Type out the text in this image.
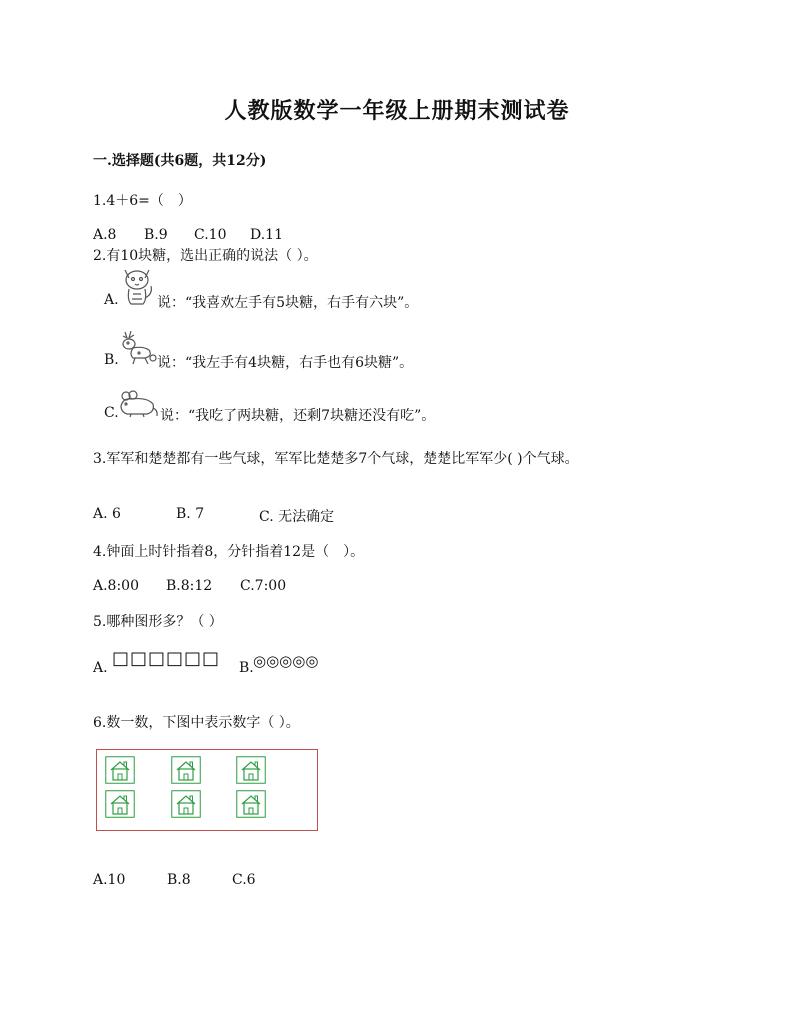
人教版数学一年级上册期末测试卷
一.选择题(共6题，共12分)
1.4＋6=（　）
A.8 B.9 C.10 D.11
2.有10块糖，选出正确的说法（ ）。
A.	说：“我喜欢左手有5块糖，右手有六块”。
B.	说：“我左手有4块糖，右手也有6块糖”。
C.	说：“我吃了两块糖，还剩7块糖还没有吃”。
3.军军和楚楚都有一些气球，军军比楚楚多7个气球，楚楚比军军少( )个气球。
A. 6	B. 7	C. 无法确定
4.钟面上时针指着8，分针指着12是（　）。
A.8:00 B.8:12 C.7:00
5.哪种图形多？（ ）
A. □□□□□□ B. ◎◎◎◎◎
6.数一数，下图中表示数字（ ）。
A.10	B.8	C.6
